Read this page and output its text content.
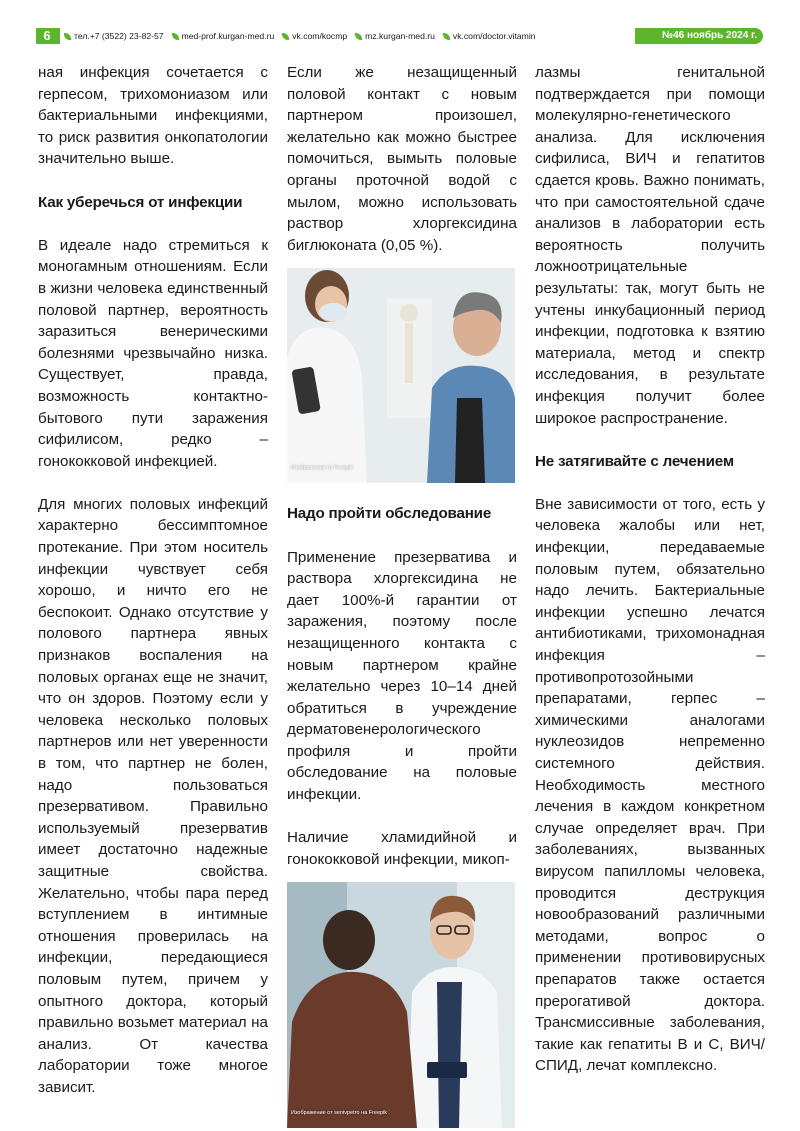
6	тел.+7 (3522) 23-82-57 med-prof.kurgan-med.ru vk.com/kocmp mz.kurgan-med.ru vk.com/doctor.vitamin	№46 ноябрь 2024 г.

ная инфекция сочетается с герпесом, трихомониазом или бактериальными инфекциями, то риск развития онкопатологии значительно выше.

Как уберечься от инфекции

В идеале надо стремиться к моногамным отношениям. Если в жизни человека единственный половой партнер, вероятность заразиться венерическими болезнями чрезвычайно низка. Существует, правда, возможность контактно-бытового пути заражения сифилисом, редко – гонококковой инфекцией.

Для многих половых инфекций характерно бессимптомное протекание. При этом носитель инфекции чувствует себя хорошо, и ничто его не беспокоит. Однако отсутствие у полового партнера явных признаков воспаления на половых органах еще не значит, что он здоров. Поэтому если у человека несколько половых партнеров или нет уверенности в том, что партнер не болен, надо пользоваться презервативом. Правильно используемый презерватив имеет достаточно надежные защитные свойства. Желательно, чтобы пара перед вступлением в интимные отношения проверилась на инфекции, передающиеся половым путем, причем у опытного доктора, который правильно возьмет материал на анализ. От качества лаборатории тоже многое зависит.

Если же незащищенный половой контакт с новым партнером произошел, желательно как можно быстрее помочиться, вымыть половые органы проточной водой с мылом, можно использовать раствор хлоргексидина биглюконата (0,05 %).

Изображение от Freepik
Надо пройти обследование

Применение презерватива и раствора хлоргексидина не дает 100%-й гарантии от заражения, поэтому после незащищенного контакта с новым партнером крайне желательно через 10–14 дней обратиться в учреждение дерматовенерологического профиля и пройти обследование на половые инфекции.

Наличие хламидийной и гонококковой инфекции, микоп-

Изображение от senivpetro на Freepik

лазмы генитальной подтверждается при помощи молекулярно-генетического анализа. Для исключения сифилиса, ВИЧ и гепатитов сдается кровь. Важно понимать, что при самостоятельной сдаче анализов в лаборатории есть вероятность получить ложноотрицательные результаты: так, могут быть не учтены инкубационный период инфекции, подготовка к взятию материала, метод и спектр исследования, в результате инфекция получит более широкое распространение.

Не затягивайте с лечением

Вне зависимости от того, есть у человека жалобы или нет, инфекции, передаваемые половым путем, обязательно надо лечить. Бактериальные инфекции успешно лечатся антибиотиками, трихомонадная инфекция – противопротозойными препаратами, герпес – химическими аналогами нуклеозидов непременно системного действия. Необходимость местного лечения в каждом конкретном случае определяет врач. При заболеваниях, вызванных вирусом папилломы человека, проводится деструкция новообразований различными методами, вопрос о применении противовирусных препаратов также остается прерогативой доктора. Трансмиссивные заболевания, такие как гепатиты В и С, ВИЧ/СПИД, лечат комплексно.
